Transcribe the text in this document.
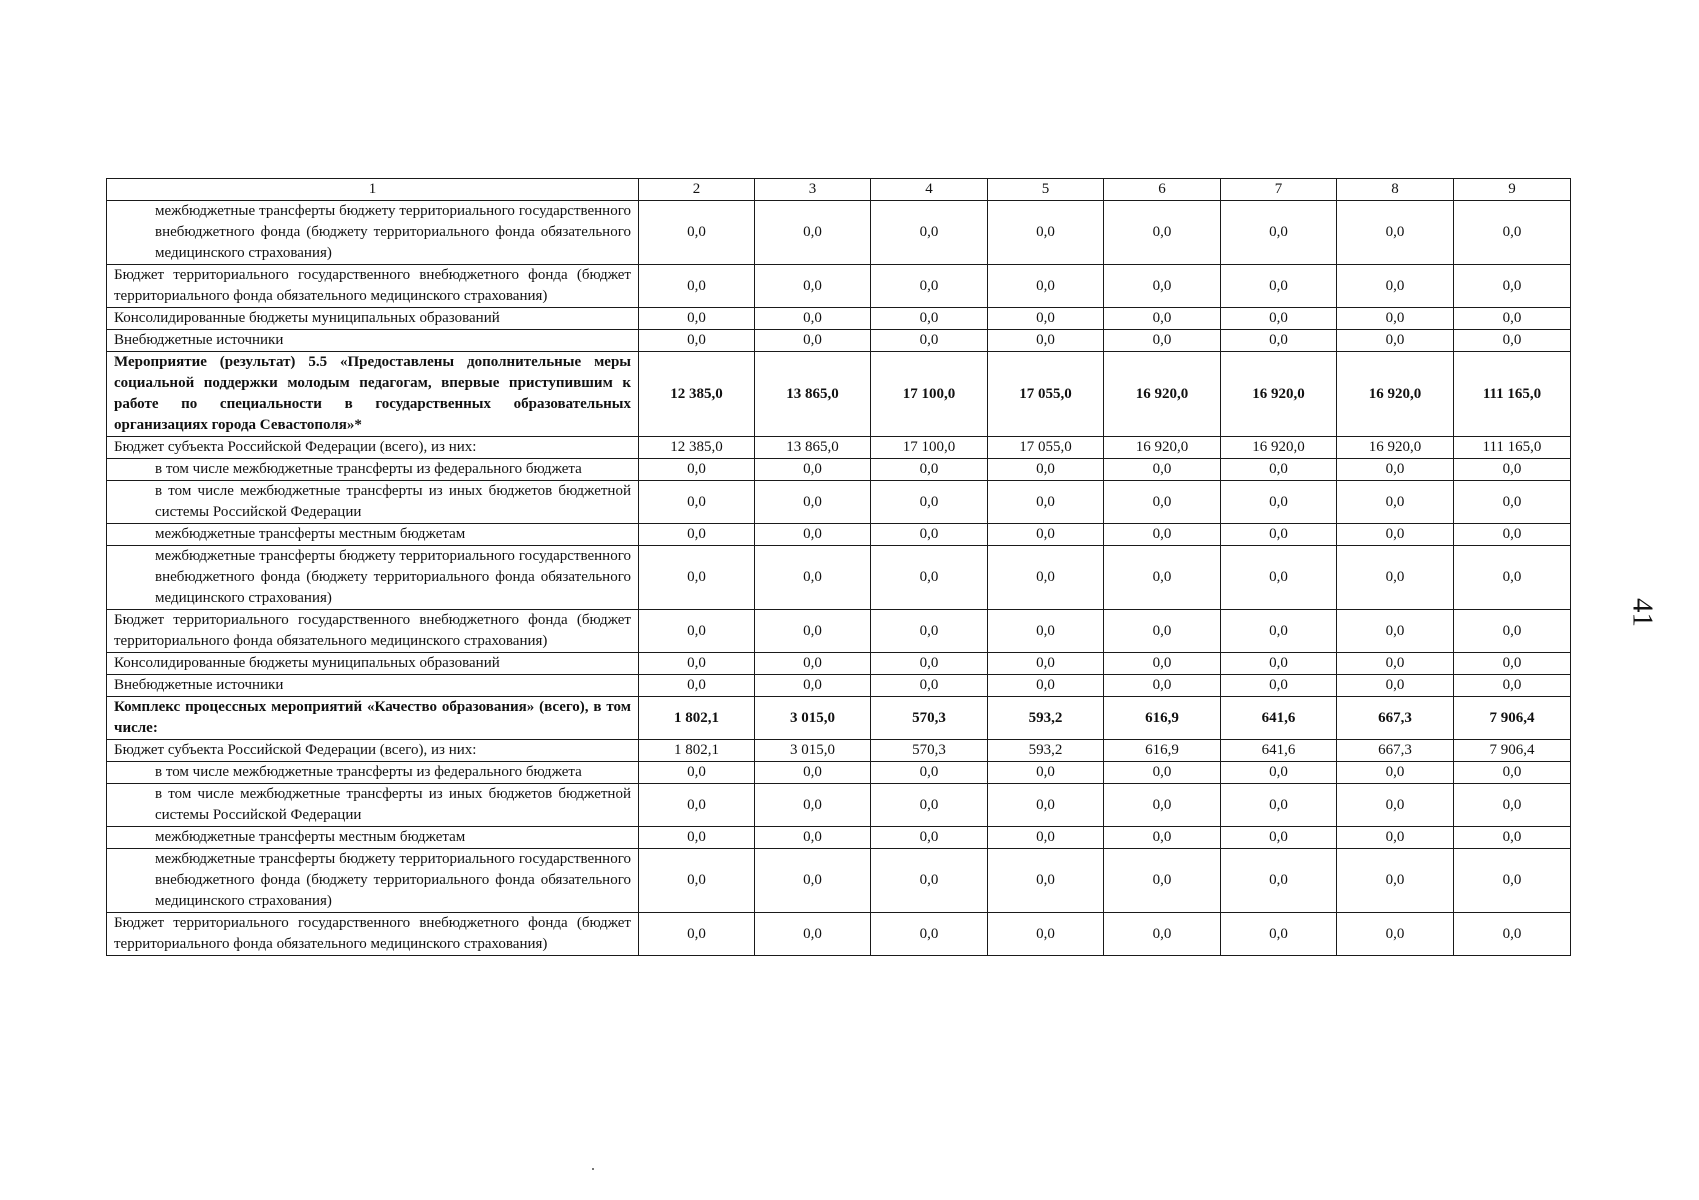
1	2	3	4	5	6	7	8	9
межбюджетные трансферты бюджету территориального государственного внебюджетного фонда (бюджету территориального фонда обязательного медицинского страхования)	0,0	0,0	0,0	0,0	0,0	0,0	0,0	0,0
Бюджет территориального государственного внебюджетного фонда (бюджет территориального фонда обязательного медицинского страхования)	0,0	0,0	0,0	0,0	0,0	0,0	0,0	0,0
Консолидированные бюджеты муниципальных образований	0,0	0,0	0,0	0,0	0,0	0,0	0,0	0,0
Внебюджетные источники	0,0	0,0	0,0	0,0	0,0	0,0	0,0	0,0
Мероприятие (результат) 5.5 «Предоставлены дополнительные меры социальной поддержки молодым педагогам, впервые приступившим к работе по специальности в государственных образовательных организациях города Севастополя»*	12 385,0	13 865,0	17 100,0	17 055,0	16 920,0	16 920,0	16 920,0	111 165,0
Бюджет субъекта Российской Федерации (всего), из них:	12 385,0	13 865,0	17 100,0	17 055,0	16 920,0	16 920,0	16 920,0	111 165,0
в том числе межбюджетные трансферты из федерального бюджета	0,0	0,0	0,0	0,0	0,0	0,0	0,0	0,0
в том числе межбюджетные трансферты из иных бюджетов бюджетной системы Российской Федерации	0,0	0,0	0,0	0,0	0,0	0,0	0,0	0,0
межбюджетные трансферты местным бюджетам	0,0	0,0	0,0	0,0	0,0	0,0	0,0	0,0
межбюджетные трансферты бюджету территориального государственного внебюджетного фонда (бюджету территориального фонда обязательного медицинского страхования)	0,0	0,0	0,0	0,0	0,0	0,0	0,0	0,0
Бюджет территориального государственного внебюджетного фонда (бюджет территориального фонда обязательного медицинского страхования)	0,0	0,0	0,0	0,0	0,0	0,0	0,0	0,0
Консолидированные бюджеты муниципальных образований	0,0	0,0	0,0	0,0	0,0	0,0	0,0	0,0
Внебюджетные источники	0,0	0,0	0,0	0,0	0,0	0,0	0,0	0,0
Комплекс процессных мероприятий «Качество образования» (всего), в том числе:	1 802,1	3 015,0	570,3	593,2	616,9	641,6	667,3	7 906,4
Бюджет субъекта Российской Федерации (всего), из них:	1 802,1	3 015,0	570,3	593,2	616,9	641,6	667,3	7 906,4
в том числе межбюджетные трансферты из федерального бюджета	0,0	0,0	0,0	0,0	0,0	0,0	0,0	0,0
в том числе межбюджетные трансферты из иных бюджетов бюджетной системы Российской Федерации	0,0	0,0	0,0	0,0	0,0	0,0	0,0	0,0
межбюджетные трансферты местным бюджетам	0,0	0,0	0,0	0,0	0,0	0,0	0,0	0,0
межбюджетные трансферты бюджету территориального государственного внебюджетного фонда (бюджету территориального фонда обязательного медицинского страхования)	0,0	0,0	0,0	0,0	0,0	0,0	0,0	0,0
Бюджет территориального государственного внебюджетного фонда (бюджет территориального фонда обязательного медицинского страхования)	0,0	0,0	0,0	0,0	0,0	0,0	0,0	0,0
41
